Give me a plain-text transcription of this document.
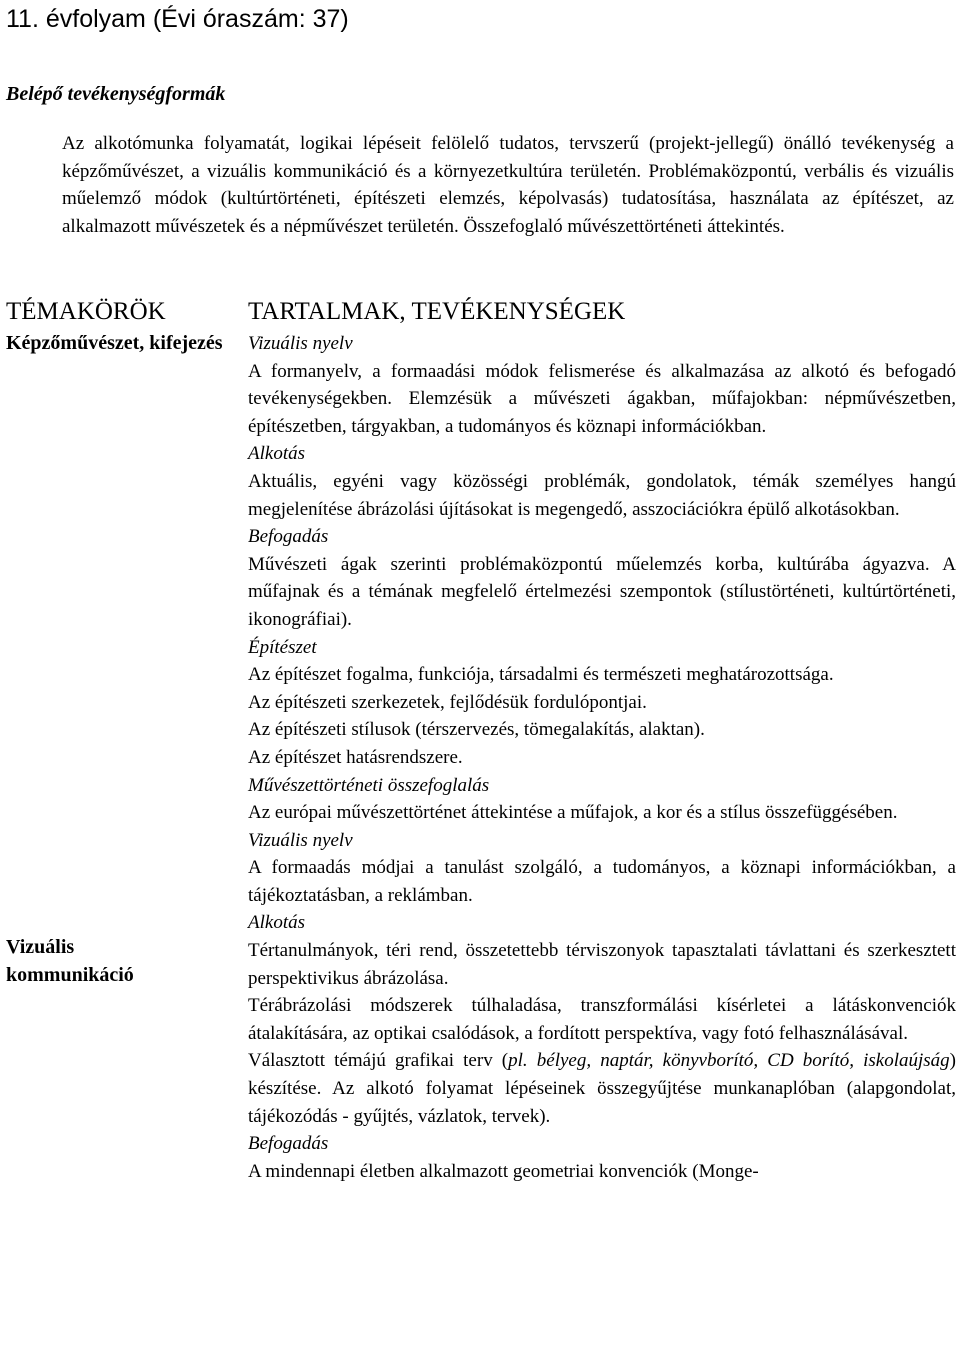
11. évfolyam (Évi óraszám: 37)
Belépő tevékenységformák

Az alkotómunka folyamatát, logikai lépéseit felölelő tudatos, tervszerű (projekt-jellegű) önálló tevékenység a képzőművészet, a vizuális kommunikáció és a környezetkultúra területén. Problémaközpontú, verbális és vizuális műelemző módok (kultúrtörténeti, építészeti elemzés, képolvasás) tudatosítása, használata az építészet, az alkalmazott művészetek és a népművészet területén. Összefoglaló művészettörténeti áttekintés.

TÉMAKÖRÖK
Képzőművészet, kifejezés
Vizuális kommunikáció
TARTALMAK, TEVÉKENYSÉGEK
Vizuális nyelv

A formanyelv, a formaadási módok felismerése és alkalmazása az alkotó és befogadó tevékenységekben. Elemzésük a művészeti ágakban, műfajokban: népművészetben, építészetben, tárgyakban, a tudományos és köznapi információkban.

Alkotás

Aktuális, egyéni vagy közösségi problémák, gondolatok, témák személyes hangú megjelenítése ábrázolási újításokat is megengedő, asszociációkra épülő alkotásokban.

Befogadás

Művészeti ágak szerinti problémaközpontú műelemzés korba, kultúrába ágyazva. A műfajnak és a témának megfelelő értelmezési szempontok (stílustörténeti, kultúrtörténeti, ikonográfiai).

Építészet

Az építészet fogalma, funkciója, társadalmi és természeti meghatározottsága.

Az építészeti szerkezetek, fejlődésük fordulópontjai.

Az építészeti stílusok (térszervezés, tömegalakítás, alaktan).

Az építészet hatásrendszere.

Művészettörténeti összefoglalás

Az európai művészettörténet áttekintése a műfajok, a kor és a stílus összefüggésében.

Vizuális nyelv

A formaadás módjai a tanulást szolgáló, a tudományos, a köznapi információkban, a tájékoztatásban, a reklámban.

Alkotás

Tértanulmányok, téri rend, összetettebb térviszonyok tapasztalati távlattani és szerkesztett perspektivikus ábrázolása.

Térábrázolási módszerek túlhaladása, transzformálási kísérletei a látáskonvenciók átalakítására, az optikai csalódások, a fordított perspektíva, vagy fotó felhasználásával.

Választott témájú grafikai terv (pl. bélyeg, naptár, könyvborító, CD borító, iskolaújság) készítése. Az alkotó folyamat lépéseinek összegyűjtése munkanaplóban (alapgondolat, tájékozódás - gyűjtés, vázlatok, tervek).

Befogadás

A mindennapi életben alkalmazott geometriai konvenciók (Monge-
